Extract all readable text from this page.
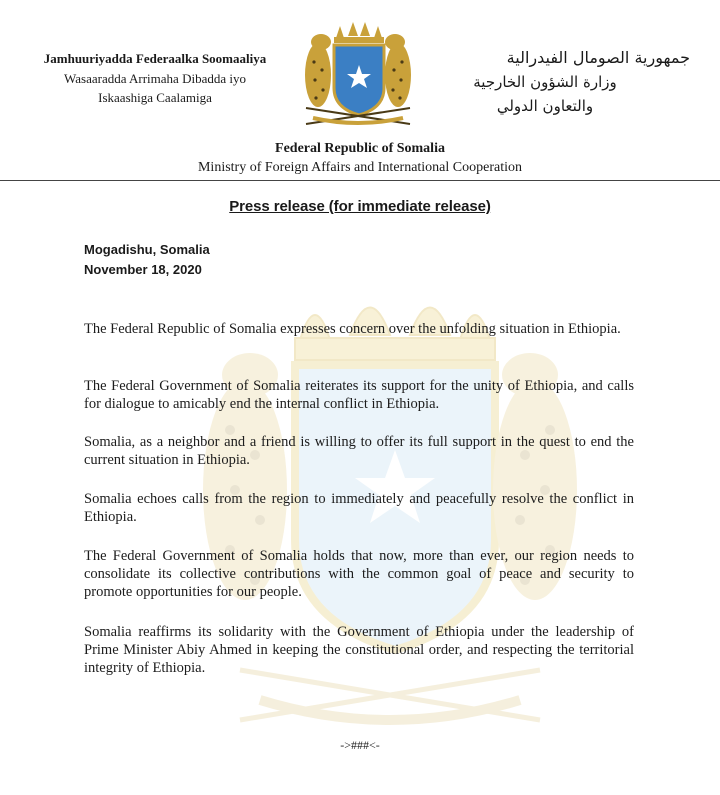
Jamhuuriyadda Federaalka Soomaaliya
Wasaaradda Arrimaha Dibadda iyo
Iskaashiga Caalamiga
جمهورية الصومال الفيدرالية
وزارة الشؤون الخارجية
والتعاون الدولي
Federal Republic of Somalia
Ministry of Foreign Affairs and International Cooperation
Press release (for immediate release)
Mogadishu, Somalia
November 18, 2020
The Federal Republic of Somalia expresses concern over the unfolding situation in Ethiopia.
The Federal Government of Somalia reiterates its support for the unity of Ethiopia, and calls for dialogue to amicably end the internal conflict in Ethiopia.
Somalia, as a neighbor and a friend is willing to offer its full support in the quest to end the current situation in Ethiopia.
Somalia echoes calls from the region to immediately and peacefully resolve the conflict in Ethiopia.
The Federal Government of Somalia holds that now, more than ever, our region needs to consolidate its collective contributions with the common goal of peace and security to promote opportunities for our people.
Somalia reaffirms its solidarity with the Government of Ethiopia under the leadership of Prime Minister Abiy Ahmed in keeping the constitutional order, and respecting the territorial integrity of Ethiopia.
->###<-
